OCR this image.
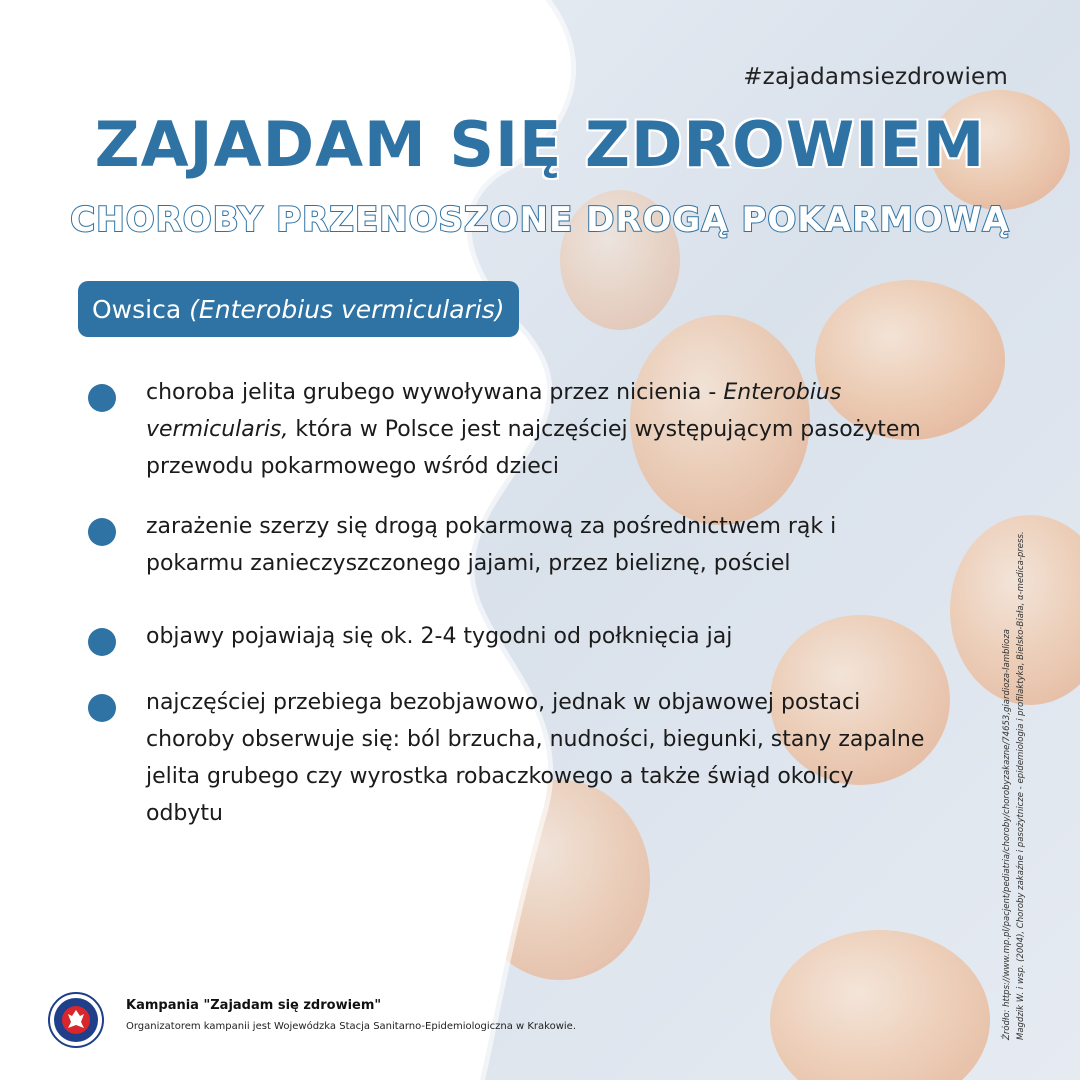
#zajadamsiezdrowiem
ZAJADAM SIĘ ZDROWIEM
CHOROBY PRZENOSZONE DROGĄ POKARMOWĄ
Owsica (Enterobius vermicularis)
choroba jelita grubego wywoływana przez nicienia - Enterobius vermicularis, która w Polsce jest najczęściej występującym pasożytem przewodu pokarmowego wśród dzieci
zarażenie szerzy się drogą pokarmową za pośrednictwem rąk i pokarmu zanieczyszczonego jajami, przez bieliznę, pościel
objawy pojawiają się ok. 2-4 tygodni od połknięcia jaj
najczęściej przebiega bezobjawowo, jednak w objawowej postaci choroby obserwuje się: ból brzucha, nudności, biegunki, stany zapalne jelita grubego czy wyrostka robaczkowego a także świąd okolicy odbytu	Źródło: https://www.mp.pl/pacjent/pediatria/choroby/chorobyzakazne/74653,giardioza-lamblioza Magdzik W. i wsp. (2004), Choroby zakaźne i pasożytnicze - epidemiologia i profilaktyka, Bielsko-Biała, α-medica-press.
Kampania "Zajadam się zdrowiem"
Organizatorem kampanii jest Wojewódzka Stacja Sanitarno-Epidemiologiczna w Krakowie.
